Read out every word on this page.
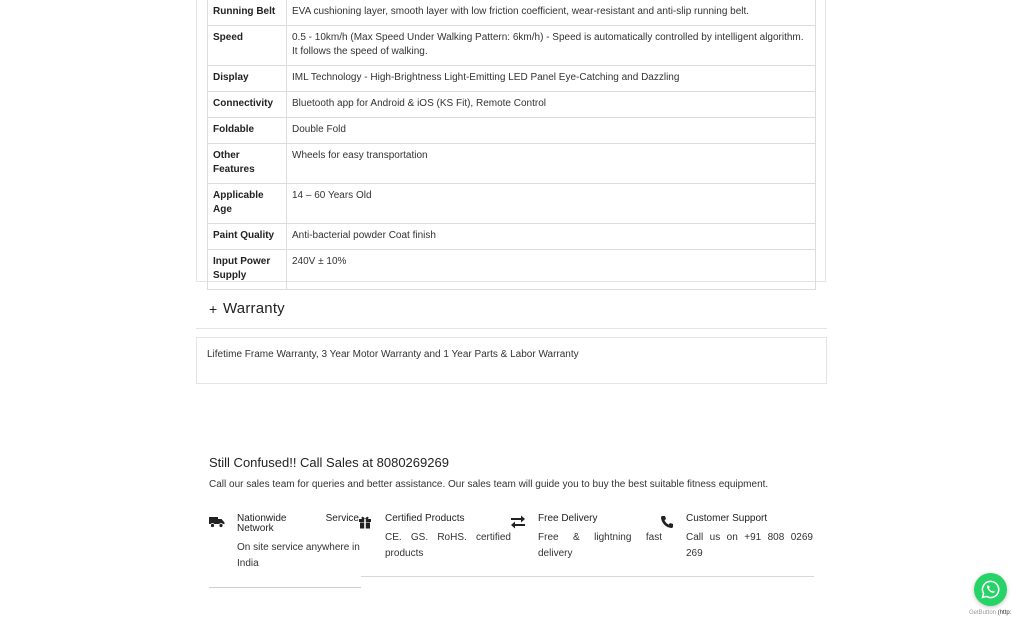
Running Belt	EVA cushioning layer, smooth layer with low friction coefficient, wear-resistant and anti-slip running belt.
Speed	0.5 - 10km/h (Max Speed Under Walking Pattern: 6km/h) - Speed is automatically controlled by intelligent algorithm. It follows the speed of walking.
Display	IML Technology - High-Brightness Light-Emitting LED Panel Eye-Catching and Dazzling
Connectivity	Bluetooth app for Android & iOS (KS Fit), Remote Control
Foldable	Double Fold
Other Features	Wheels for easy transportation
Applicable Age	14 – 60 Years Old
Paint Quality	Anti-bacterial powder Coat finish
Input Power Supply	240V ± 10%
+ Warranty
Lifetime Frame Warranty, 3 Year Motor Warranty and 1 Year Parts & Labor Warranty
Still Confused!! Call Sales at 8080269269
Call our sales team for queries and better assistance. Our sales team will guide you to buy the best suitable fitness equipment.
Nationwide Service Network
On site service anywhere in India
Certified Products
CE. GS. RoHS. certified products
Free Delivery
Free & lightning fast delivery
Customer Support
Call us on +91 808 0269 269
GetButton (http:
